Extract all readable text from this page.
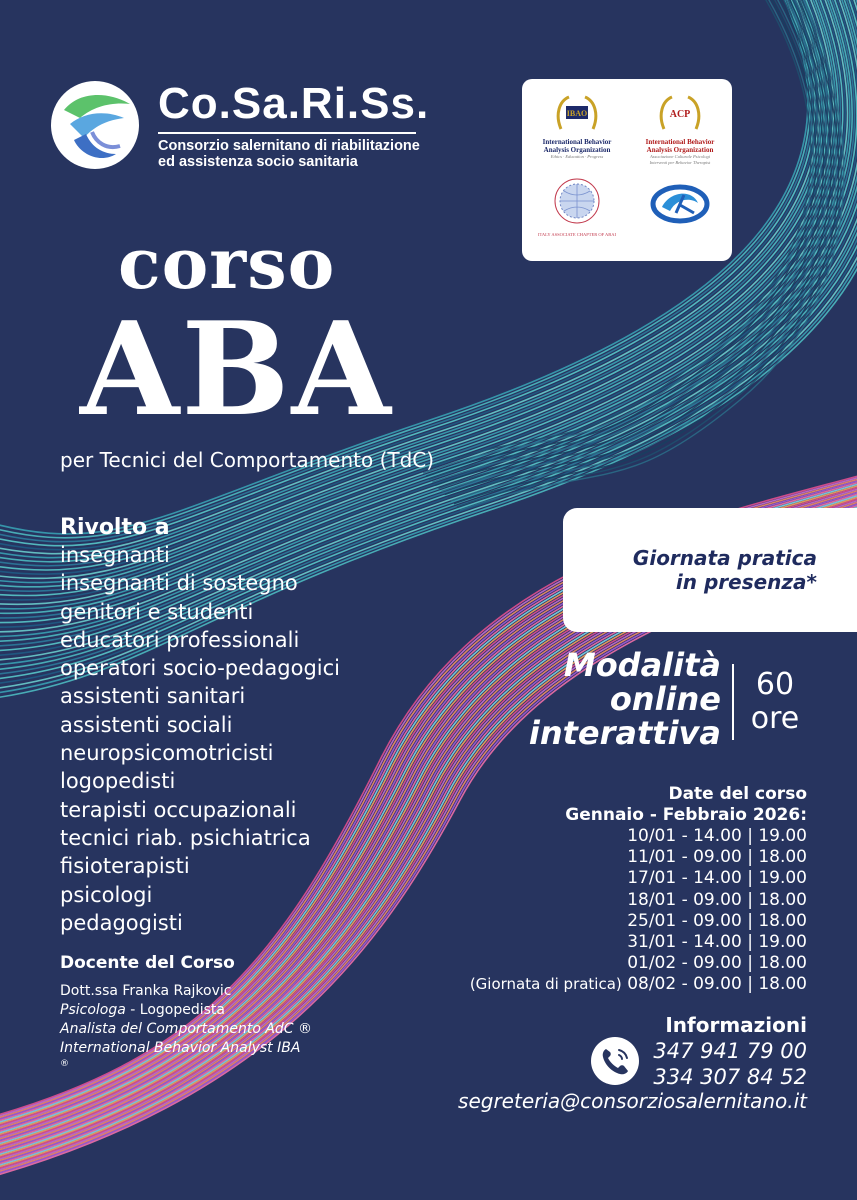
Co.Sa.Ri.Ss.
Consorzio salernitano di riabilitazione
ed assistenza socio sanitaria
IBAO
International Behavior
Analysis Organization
Ethics · Education · Progress
ACP
International Behavior
Analysis Organization
Associazione Culturale Psicologi
Interventi per Behavior Therapist
ITALY ASSOCIATE CHAPTER OF ABAI
corso
ABA
per Tecnici del Comportamento (TdC)
Rivolto a
insegnanti
insegnanti di sostegno
genitori e studenti
educatori professionali
operatori socio-pedagogici
assistenti sanitari
assistenti sociali
neuropsicomotricisti
logopedisti
terapisti occupazionali
tecnici riab. psichiatrica
fisioterapisti
psicologi
pedagogisti
Docente del Corso
Dott.ssa Franka Rajkovic
Psicologa - Logopedista
Analista del Comportamento AdC ®
International Behavior Analyst IBA
®
Giornata pratica
in presenza*
Modalità
online
interattiva
60
ore
Date del corso
Gennaio - Febbraio 2026:
10/01 - 14.00 | 19.00
11/01 - 09.00 | 18.00
17/01 - 14.00 | 19.00
18/01 - 09.00 | 18.00
25/01 - 09.00 | 18.00
31/01 - 14.00 | 19.00
01/02 - 09.00 | 18.00
(Giornata di pratica) 08/02 - 09.00 | 18.00
Informazioni
347 941 79 00
334 307 84 52
segreteria@consorziosalernitano.it
